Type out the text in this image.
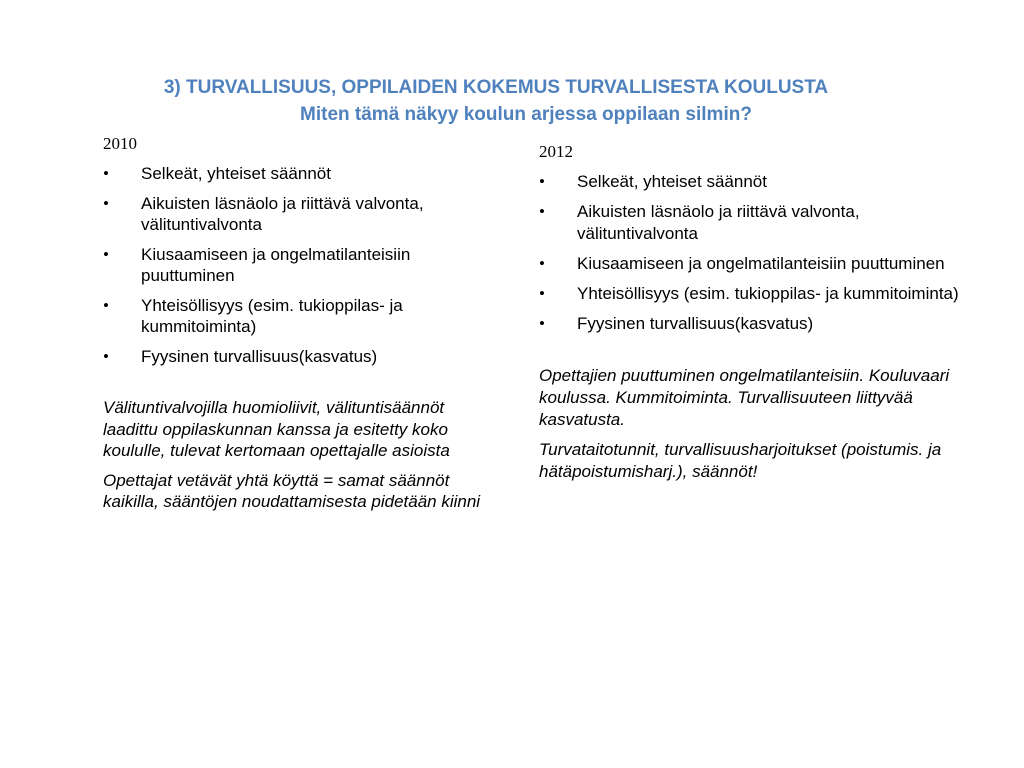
3) TURVALLISUUS, OPPILAIDEN KOKEMUS TURVALLISESTA KOULUSTA
Miten tämä näkyy koulun arjessa oppilaan silmin?
2010
• Selkeät, yhteiset säännöt
• Aikuisten läsnäolo ja riittävä valvonta, välituntivalvonta
• Kiusaamiseen ja ongelmatilanteisiin puuttuminen
• Yhteisöllisyys (esim. tukioppilas- ja kummitoiminta)
• Fyysinen turvallisuus(kasvatus)

Välituntivalvojilla huomioliivit, välituntisäännöt laadittu oppilaskunnan kanssa ja esitetty koko koululle, tulevat kertomaan opettajalle asioista

Opettajat vetävät yhtä köyttä = samat säännöt kaikilla, sääntöjen noudattamisesta pidetään kiinni

2012
• Selkeät, yhteiset säännöt
• Aikuisten läsnäolo ja riittävä valvonta, välituntivalvonta
• Kiusaamiseen ja ongelmatilanteisiin puuttuminen
• Yhteisöllisyys (esim. tukioppilas- ja kummitoiminta)
• Fyysinen turvallisuus(kasvatus)

Opettajien puuttuminen ongelmatilanteisiin. Kouluvaari koulussa. Kummitoiminta. Turvallisuuteen liittyvää kasvatusta.

Turvataitotunnit, turvallisuusharjoitukset (poistumis. ja hätäpoistumisharj.), säännöt!
